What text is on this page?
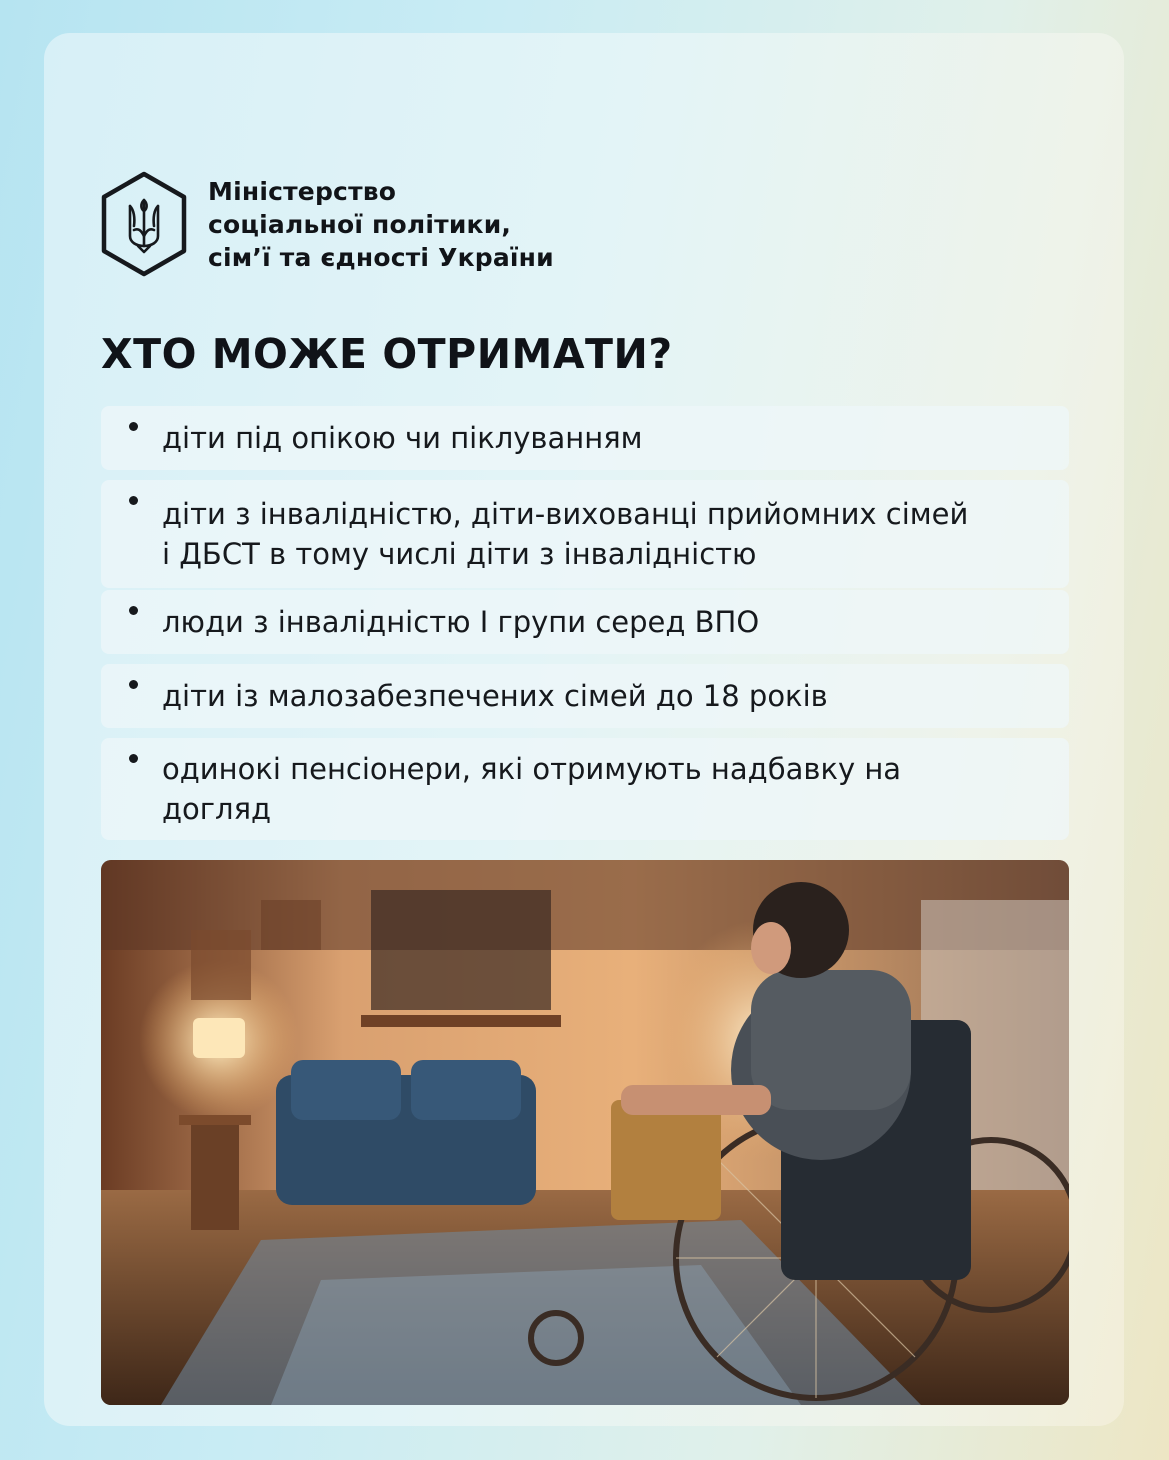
Міністерство
соціальної політики,
сім’ї та єдності України
ХТО МОЖЕ ОТРИМАТИ?
діти під опікою чи піклуванням
діти з інвалідністю, діти-вихованці прийомних сімей і ДБСТ в тому числі діти з інвалідністю
люди з інвалідністю І групи серед ВПО
діти із малозабезпечених сімей до 18 років
одинокі пенсіонери, які отримують надбавку на догляд
